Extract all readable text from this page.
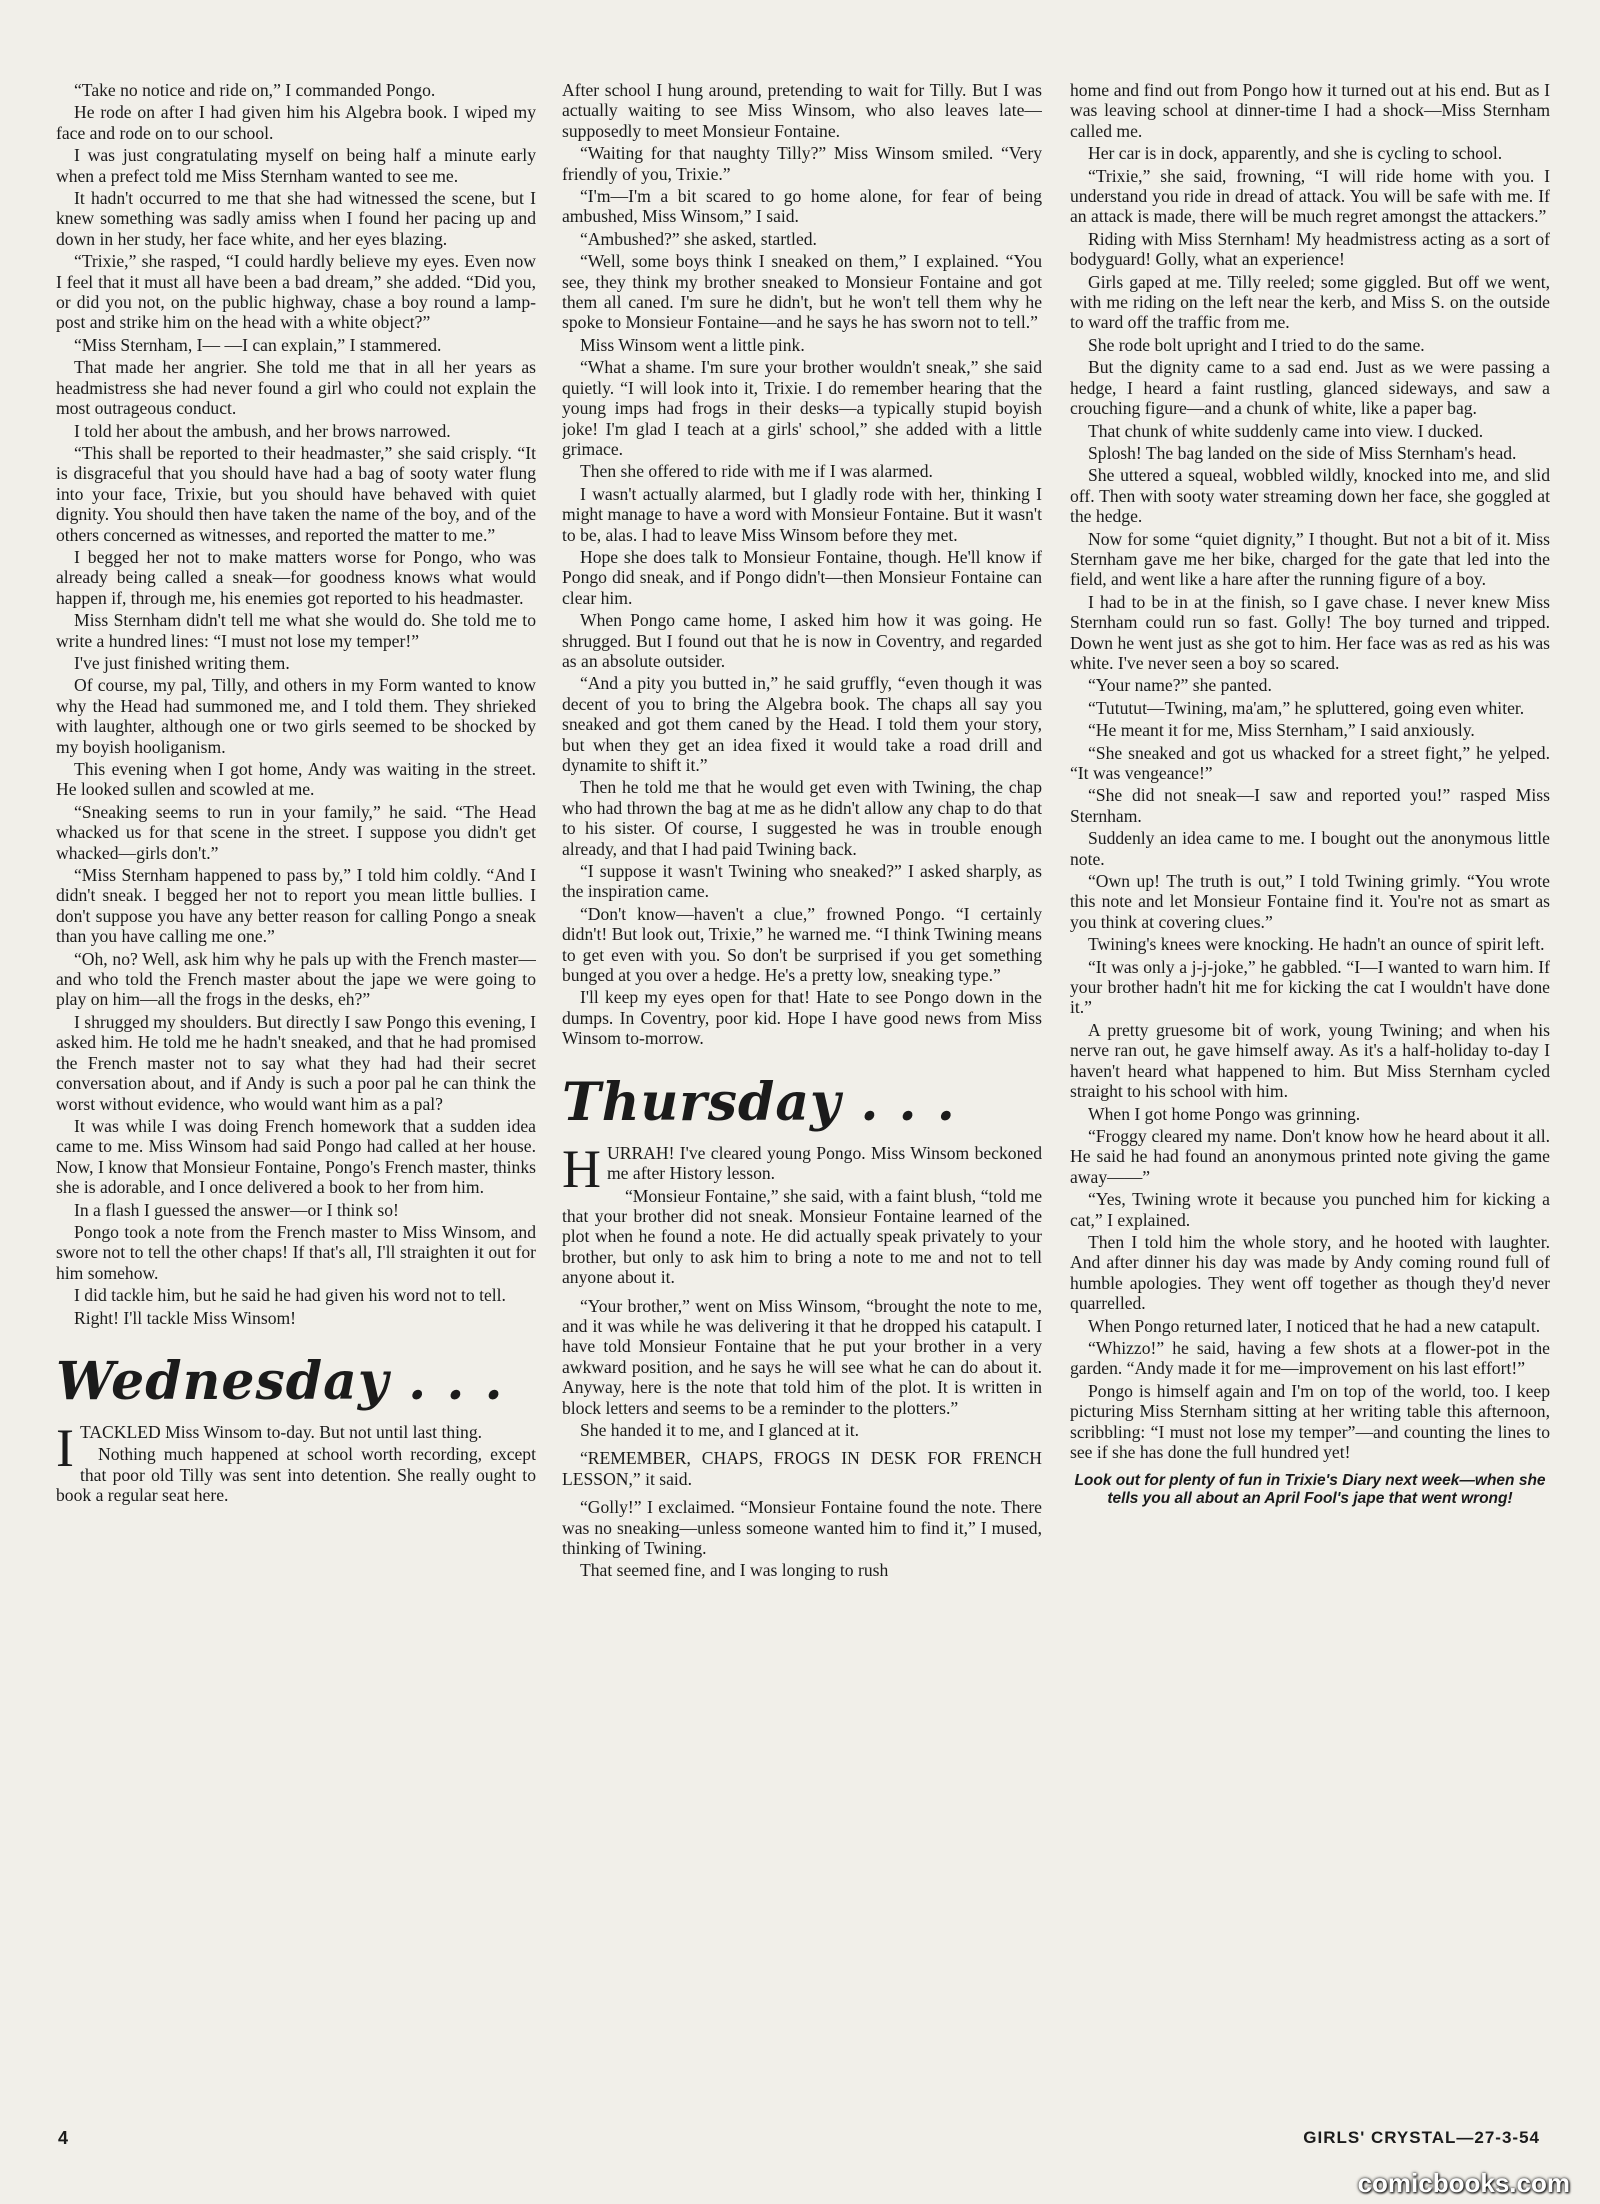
“Take no notice and ride on,” I commanded Pongo.

He rode on after I had given him his Algebra book. I wiped my face and rode on to our school.

I was just congratulating myself on being half a minute early when a prefect told me Miss Sternham wanted to see me.

It hadn't occurred to me that she had witnessed the scene, but I knew something was sadly amiss when I found her pacing up and down in her study, her face white, and her eyes blazing.

“Trixie,” she rasped, “I could hardly believe my eyes. Even now I feel that it must all have been a bad dream,” she added. “Did you, or did you not, on the public highway, chase a boy round a lamp-post and strike him on the head with a white object?”

“Miss Sternham, I— —I can explain,” I stammered.

That made her angrier. She told me that in all her years as headmistress she had never found a girl who could not explain the most outrageous conduct.

I told her about the ambush, and her brows narrowed.

“This shall be reported to their headmaster,” she said crisply. “It is disgraceful that you should have had a bag of sooty water flung into your face, Trixie, but you should have behaved with quiet dignity. You should then have taken the name of the boy, and of the others concerned as witnesses, and reported the matter to me.”

I begged her not to make matters worse for Pongo, who was already being called a sneak—for goodness knows what would happen if, through me, his enemies got reported to his headmaster.

Miss Sternham didn't tell me what she would do. She told me to write a hundred lines: “I must not lose my temper!”

I've just finished writing them.

Of course, my pal, Tilly, and others in my Form wanted to know why the Head had summoned me, and I told them. They shrieked with laughter, although one or two girls seemed to be shocked by my boyish hooliganism.

This evening when I got home, Andy was waiting in the street. He looked sullen and scowled at me.

“Sneaking seems to run in your family,” he said. “The Head whacked us for that scene in the street. I suppose you didn't get whacked—girls don't.”

“Miss Sternham happened to pass by,” I told him coldly. “And I didn't sneak. I begged her not to report you mean little bullies. I don't suppose you have any better reason for calling Pongo a sneak than you have calling me one.”

“Oh, no? Well, ask him why he pals up with the French master—and who told the French master about the jape we were going to play on him—all the frogs in the desks, eh?”

I shrugged my shoulders. But directly I saw Pongo this evening, I asked him. He told me he hadn't sneaked, and that he had promised the French master not to say what they had had their secret conversation about, and if Andy is such a poor pal he can think the worst without evidence, who would want him as a pal?

It was while I was doing French homework that a sudden idea came to me. Miss Winsom had said Pongo had called at her house. Now, I know that Monsieur Fontaine, Pongo's French master, thinks she is adorable, and I once delivered a book to her from him.

In a flash I guessed the answer—or I think so!

Pongo took a note from the French master to Miss Winsom, and swore not to tell the other chaps! If that's all, I'll straighten it out for him somehow.

I did tackle him, but he said he had given his word not to tell.

Right! I'll tackle Miss Winsom!

Wednesday . . .

ITACKLED Miss Winsom to-day. But not until last thing.

Nothing much happened at school worth recording, except that poor old Tilly was sent into detention. She really ought to book a regular seat here.

After school I hung around, pretending to wait for Tilly. But I was actually waiting to see Miss Winsom, who also leaves late—supposedly to meet Monsieur Fontaine.

“Waiting for that naughty Tilly?” Miss Winsom smiled. “Very friendly of you, Trixie.”

“I'm—I'm a bit scared to go home alone, for fear of being ambushed, Miss Winsom,” I said.

“Ambushed?” she asked, startled.

“Well, some boys think I sneaked on them,” I explained. “You see, they think my brother sneaked to Monsieur Fontaine and got them all caned. I'm sure he didn't, but he won't tell them why he spoke to Monsieur Fontaine—and he says he has sworn not to tell.”

Miss Winsom went a little pink.

“What a shame. I'm sure your brother wouldn't sneak,” she said quietly. “I will look into it, Trixie. I do remember hearing that the young imps had frogs in their desks—a typically stupid boyish joke! I'm glad I teach at a girls' school,” she added with a little grimace.

Then she offered to ride with me if I was alarmed.

I wasn't actually alarmed, but I gladly rode with her, thinking I might manage to have a word with Monsieur Fontaine. But it wasn't to be, alas. I had to leave Miss Winsom before they met.

Hope she does talk to Monsieur Fontaine, though. He'll know if Pongo did sneak, and if Pongo didn't—then Monsieur Fontaine can clear him.

When Pongo came home, I asked him how it was going. He shrugged. But I found out that he is now in Coventry, and regarded as an absolute outsider.

“And a pity you butted in,” he said gruffly, “even though it was decent of you to bring the Algebra book. The chaps all say you sneaked and got them caned by the Head. I told them your story, but when they get an idea fixed it would take a road drill and dynamite to shift it.”

Then he told me that he would get even with Twining, the chap who had thrown the bag at me as he didn't allow any chap to do that to his sister. Of course, I suggested he was in trouble enough already, and that I had paid Twining back.

“I suppose it wasn't Twining who sneaked?” I asked sharply, as the inspiration came.

“Don't know—haven't a clue,” frowned Pongo. “I certainly didn't! But look out, Trixie,” he warned me. “I think Twining means to get even with you. So don't be surprised if you get something bunged at you over a hedge. He's a pretty low, sneaking type.”

I'll keep my eyes open for that! Hate to see Pongo down in the dumps. In Coventry, poor kid. Hope I have good news from Miss Winsom to-morrow.

Thursday . . .

HURRAH! I've cleared young Pongo. Miss Winsom beckoned me after History lesson.

“Monsieur Fontaine,” she said, with a faint blush, “told me that your brother did not sneak. Monsieur Fontaine learned of the plot when he found a note. He did actually speak privately to your brother, but only to ask him to bring a note to me and not to tell anyone about it.

“Your brother,” went on Miss Winsom, “brought the note to me, and it was while he was delivering it that he dropped his catapult. I have told Monsieur Fontaine that he put your brother in a very awkward position, and he says he will see what he can do about it. Anyway, here is the note that told him of the plot. It is written in block letters and seems to be a reminder to the plotters.”

She handed it to me, and I glanced at it.

“REMEMBER, CHAPS, FROGS IN DESK FOR FRENCH LESSON,” it said.

“Golly!” I exclaimed. “Monsieur Fontaine found the note. There was no sneaking—unless someone wanted him to find it,” I mused, thinking of Twining.

That seemed fine, and I was longing to rush

home and find out from Pongo how it turned out at his end. But as I was leaving school at dinner-time I had a shock—Miss Sternham called me.

Her car is in dock, apparently, and she is cycling to school.

“Trixie,” she said, frowning, “I will ride home with you. I understand you ride in dread of attack. You will be safe with me. If an attack is made, there will be much regret amongst the attackers.”

Riding with Miss Sternham! My headmistress acting as a sort of bodyguard! Golly, what an experience!

Girls gaped at me. Tilly reeled; some giggled. But off we went, with me riding on the left near the kerb, and Miss S. on the outside to ward off the traffic from me.

She rode bolt upright and I tried to do the same.

But the dignity came to a sad end. Just as we were passing a hedge, I heard a faint rustling, glanced sideways, and saw a crouching figure—and a chunk of white, like a paper bag.

That chunk of white suddenly came into view. I ducked.

Splosh! The bag landed on the side of Miss Sternham's head.

She uttered a squeal, wobbled wildly, knocked into me, and slid off. Then with sooty water streaming down her face, she goggled at the hedge.

Now for some “quiet dignity,” I thought. But not a bit of it. Miss Sternham gave me her bike, charged for the gate that led into the field, and went like a hare after the running figure of a boy.

I had to be in at the finish, so I gave chase. I never knew Miss Sternham could run so fast. Golly! The boy turned and tripped. Down he went just as she got to him. Her face was as red as his was white. I've never seen a boy so scared.

“Your name?” she panted.

“Tututut—Twining, ma'am,” he spluttered, going even whiter.

“He meant it for me, Miss Sternham,” I said anxiously.

“She sneaked and got us whacked for a street fight,” he yelped. “It was vengeance!”

“She did not sneak—I saw and reported you!” rasped Miss Sternham.

Suddenly an idea came to me. I bought out the anonymous little note.

“Own up! The truth is out,” I told Twining grimly. “You wrote this note and let Monsieur Fontaine find it. You're not as smart as you think at covering clues.”

Twining's knees were knocking. He hadn't an ounce of spirit left.

“It was only a j-j-joke,” he gabbled. “I—I wanted to warn him. If your brother hadn't hit me for kicking the cat I wouldn't have done it.”

A pretty gruesome bit of work, young Twining; and when his nerve ran out, he gave himself away. As it's a half-holiday to-day I haven't heard what happened to him. But Miss Sternham cycled straight to his school with him.

When I got home Pongo was grinning.

“Froggy cleared my name. Don't know how he heard about it all. He said he had found an anonymous printed note giving the game away——”

“Yes, Twining wrote it because you punched him for kicking a cat,” I explained.

Then I told him the whole story, and he hooted with laughter. And after dinner his day was made by Andy coming round full of humble apologies. They went off together as though they'd never quarrelled.

When Pongo returned later, I noticed that he had a new catapult.

“Whizzo!” he said, having a few shots at a flower-pot in the garden. “Andy made it for me—improvement on his last effort!”

Pongo is himself again and I'm on top of the world, too. I keep picturing Miss Sternham sitting at her writing table this afternoon, scribbling: “I must not lose my temper”—and counting the lines to see if she has done the full hundred yet!

Look out for plenty of fun in Trixie's Diary next week—when she tells you all about an April Fool's jape that went wrong!
4	GIRLS' CRYSTAL—27-3-54
comicbooks.com
